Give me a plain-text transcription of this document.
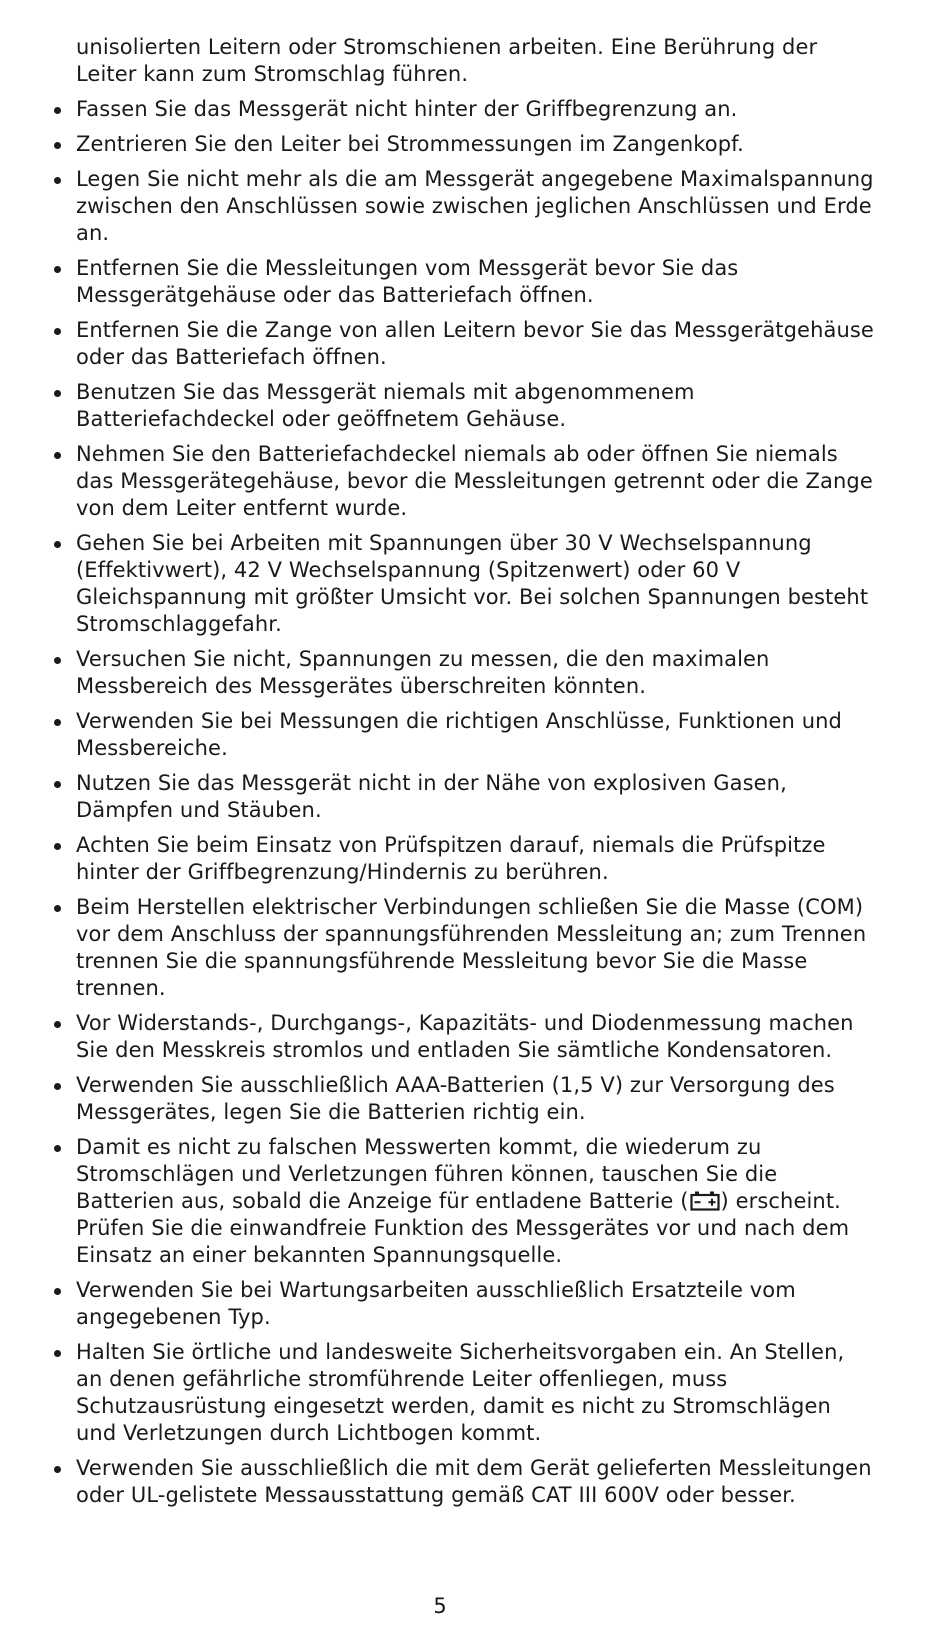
unisolierten Leitern oder Stromschienen arbeiten. Eine Berührung der Leiter kann zum Stromschlag führen.

Fassen Sie das Messgerät nicht hinter der Griffbegrenzung an.
Zentrieren Sie den Leiter bei Strommessungen im Zangenkopf.
Legen Sie nicht mehr als die am Messgerät angegebene Maximalspannung zwischen den Anschlüssen sowie zwischen jeglichen Anschlüssen und Erde an.
Entfernen Sie die Messleitungen vom Messgerät bevor Sie das Messgerätgehäuse oder das Batteriefach öffnen.
Entfernen Sie die Zange von allen Leitern bevor Sie das Messgerätgehäuse oder das Batteriefach öffnen.
Benutzen Sie das Messgerät niemals mit abgenommenem Batteriefachdeckel oder geöffnetem Gehäuse.
Nehmen Sie den Batteriefachdeckel niemals ab oder öffnen Sie niemals das Messgerätegehäuse, bevor die Messleitungen getrennt oder die Zange von dem Leiter entfernt wurde.
Gehen Sie bei Arbeiten mit Spannungen über 30 V Wechselspannung (Effektivwert), 42 V Wechselspannung (Spitzenwert) oder 60 V Gleichspannung mit größter Umsicht vor. Bei solchen Spannungen besteht Stromschlaggefahr.
Versuchen Sie nicht, Spannungen zu messen, die den maximalen Messbereich des Messgerätes überschreiten könnten.
Verwenden Sie bei Messungen die richtigen Anschlüsse, Funktionen und Messbereiche.
Nutzen Sie das Messgerät nicht in der Nähe von explosiven Gasen, Dämpfen und Stäuben.
Achten Sie beim Einsatz von Prüfspitzen darauf, niemals die Prüfspitze hinter der Griffbegrenzung/Hindernis zu berühren.
Beim Herstellen elektrischer Verbindungen schließen Sie die Masse (COM) vor dem Anschluss der spannungsführenden Messleitung an; zum Trennen trennen Sie die spannungsführende Messleitung bevor Sie die Masse trennen.
Vor Widerstands-, Durchgangs-, Kapazitäts- und Diodenmessung machen Sie den Messkreis stromlos und entladen Sie sämtliche Kondensatoren.
Verwenden Sie ausschließlich AAA-Batterien (1,5 V) zur Versorgung des Messgerätes, legen Sie die Batterien richtig ein.
Damit es nicht zu falschen Messwerten kommt, die wiederum zu Stromschlägen und Verletzungen führen können, tauschen Sie die Batterien aus, sobald die Anzeige für entladene Batterie ( ) erscheint. Prüfen Sie die einwandfreie Funktion des Messgerätes vor und nach dem Einsatz an einer bekannten Spannungsquelle.
Verwenden Sie bei Wartungsarbeiten ausschließlich Ersatzteile vom angegebenen Typ.
Halten Sie örtliche und landesweite Sicherheitsvorgaben ein. An Stellen, an denen gefährliche stromführende Leiter offenliegen, muss Schutzausrüstung eingesetzt werden, damit es nicht zu Stromschlägen und Verletzungen durch Lichtbogen kommt.
Verwenden Sie ausschließlich die mit dem Gerät gelieferten Messleitungen oder UL-gelistete Messausstattung gemäß CAT III 600V oder besser.
5
